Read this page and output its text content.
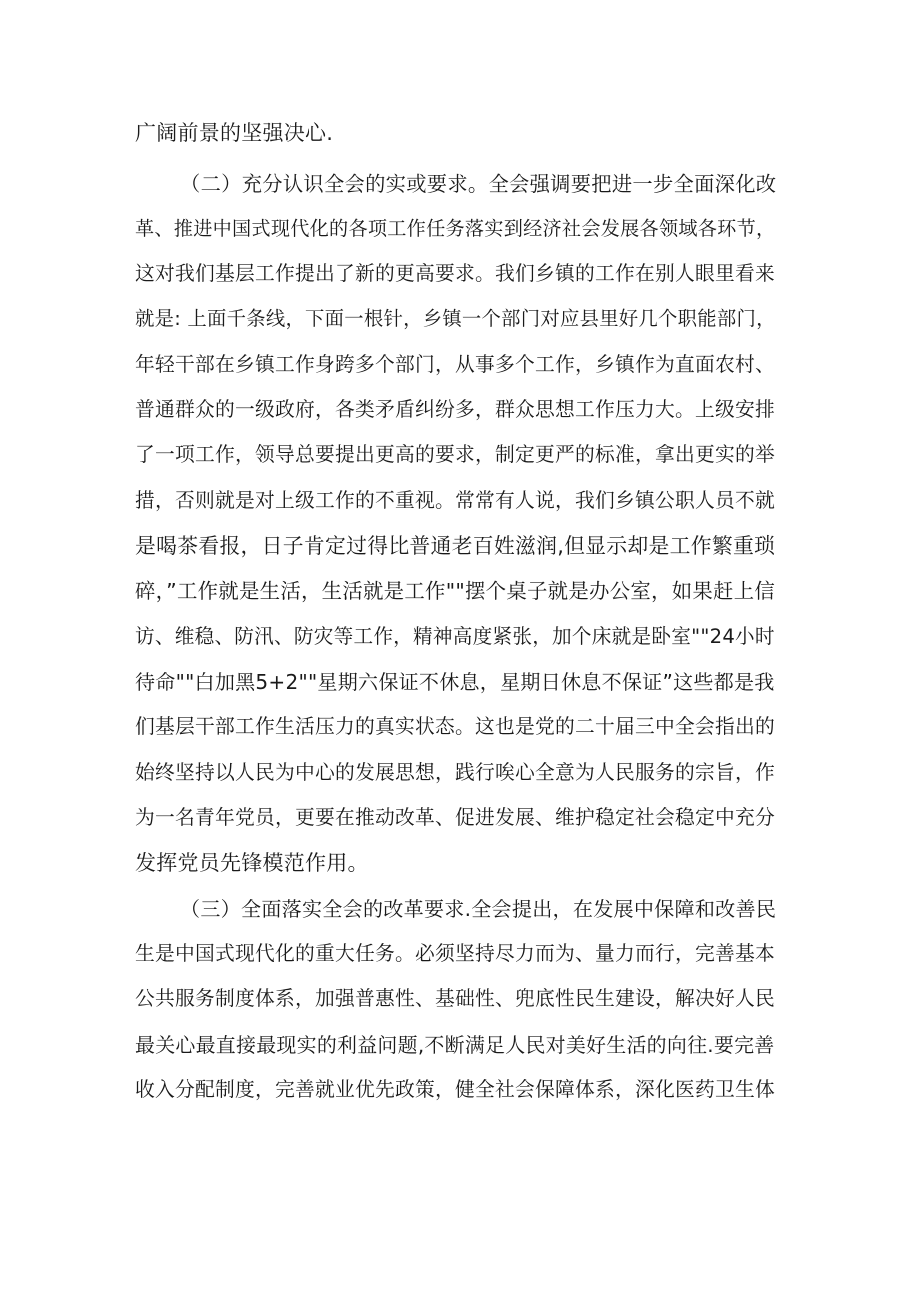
广阔前景的坚强决心.
（二）充分认识全会的实或要求。全会强调要把进一步全面深化改
革、推进中国式现代化的各项工作任务落实到经济社会发展各领域各环节，
这对我们基层工作提出了新的更高要求。我们乡镇的工作在别人眼里看来
就是: 上面千条线，下面一根针，乡镇一个部门对应县里好几个职能部门，
年轻干部在乡镇工作身跨多个部门，从事多个工作，乡镇作为直面农村、
普通群众的一级政府，各类矛盾纠纷多，群众思想工作压力大。上级安排
了一项工作，领导总要提出更高的要求，制定更严的标准，拿出更实的举
措，否则就是对上级工作的不重视。常常有人说，我们乡镇公职人员不就
是喝茶看报，日子肯定过得比普通老百姓滋润,但显示却是工作繁重琐
碎，”工作就是生活，生活就是工作""摆个桌子就是办公室，如果赶上信
访、维稳、防汛、防灾等工作，精神高度紧张，加个床就是卧室""24小时
待命""白加黑5+2""星期六保证不休息，星期日休息不保证”这些都是我
们基层干部工作生活压力的真实状态。这也是党的二十届三中全会指出的
始终坚持以人民为中心的发展思想，践行唉心全意为人民服务的宗旨，作
为一名青年党员，更要在推动改革、促进发展、维护稳定社会稳定中充分
发挥党员先锋模范作用。
（三）全面落实全会的改革要求.全会提出，在发展中保障和改善民
生是中国式现代化的重大任务。必须坚持尽力而为、量力而行，完善基本
公共服务制度体系，加强普惠性、基础性、兜底性民生建设，解决好人民
最关心最直接最现实的利益问题,不断满足人民对美好生活的向往.要完善
收入分配制度，完善就业优先政策，健全社会保障体系，深化医药卫生体
